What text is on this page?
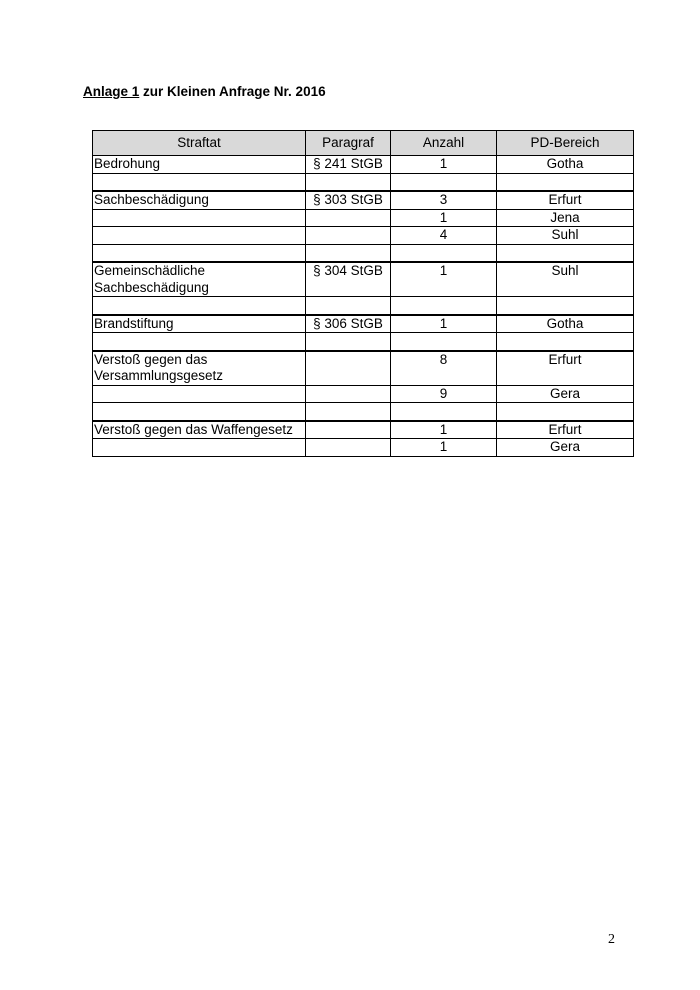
Anlage 1 zur Kleinen Anfrage Nr. 2016
Straftat	Paragraf	Anzahl	PD-Bereich
Bedrohung	§ 241 StGB	1	Gotha

Sachbeschädigung	§ 303 StGB	3	Erfurt
		1	Jena
		4	Suhl

Gemeinschädliche Sachbeschädigung	§ 304 StGB	1	Suhl

Brandstiftung	§ 306 StGB	1	Gotha

Verstoß gegen das Versammlungsgesetz		8	Erfurt
		9	Gera

Verstoß gegen das Waffengesetz		1	Erfurt
		1	Gera
2
